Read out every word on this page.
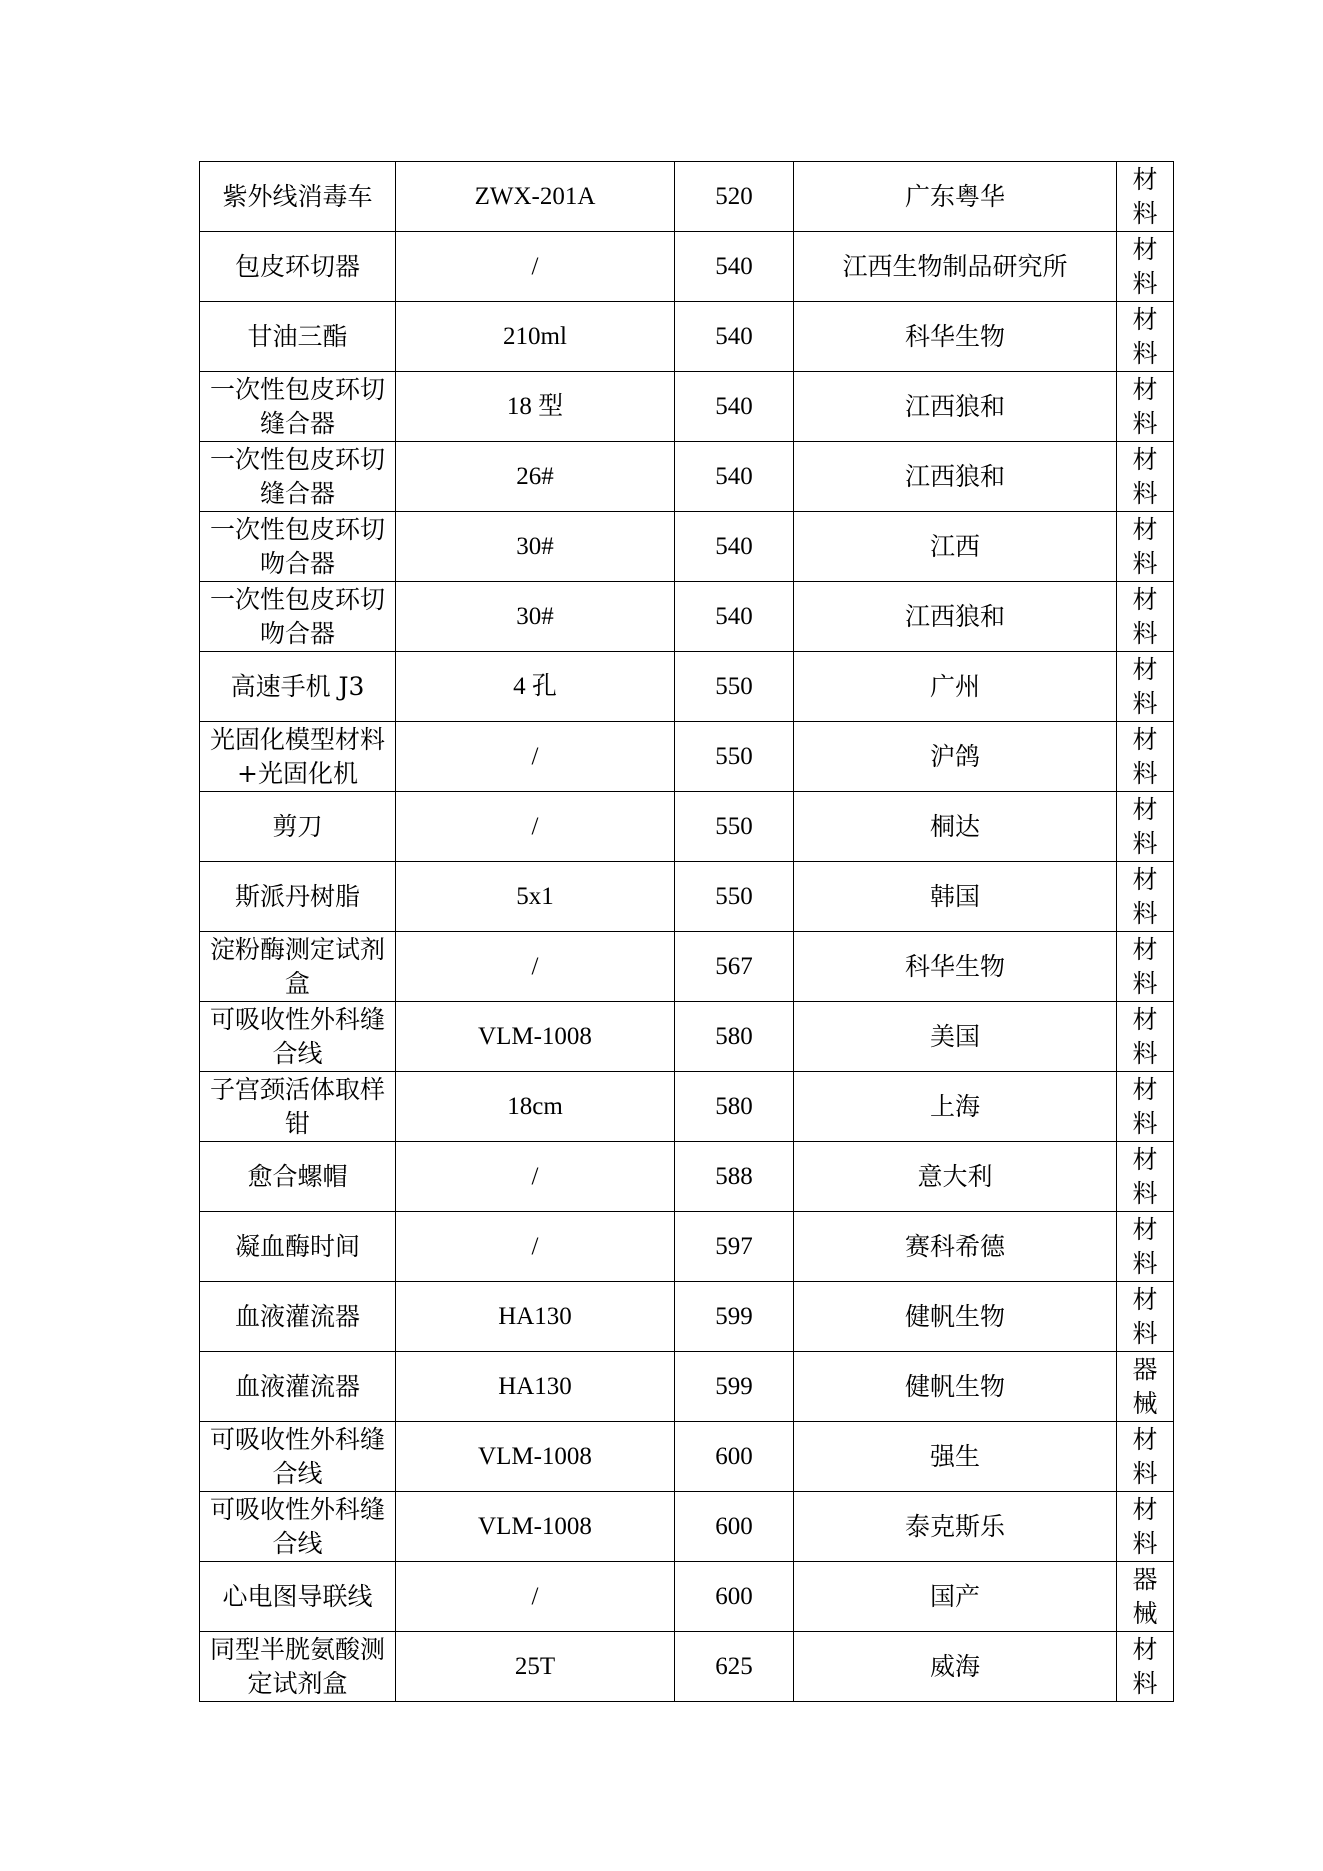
紫外线消毒车	ZWX-201A	520	广东粤华	材料

包皮环切器	/	540	江西生物制品研究所	材料

甘油三酯	210ml	540	科华生物	材料

一次性包皮环切缝合器	18 型	540	江西狼和	材料

一次性包皮环切缝合器	26#	540	江西狼和	材料

一次性包皮环切吻合器	30#	540	江西	材料

一次性包皮环切吻合器	30#	540	江西狼和	材料

高速手机 J3	4 孔	550	广州	材料

光固化模型材料+光固化机	/	550	沪鸽	材料

剪刀	/	550	桐达	材料

斯派丹树脂	5x1	550	韩国	材料

淀粉酶测定试剂盒	/	567	科华生物	材料

可吸收性外科缝合线	VLM-1008	580	美国	材料

子宫颈活体取样钳	18cm	580	上海	材料

愈合螺帽	/	588	意大利	材料

凝血酶时间	/	597	赛科希德	材料

血液灌流器	HA130	599	健帆生物	材料

血液灌流器	HA130	599	健帆生物	器械

可吸收性外科缝合线	VLM-1008	600	强生	材料

可吸收性外科缝合线	VLM-1008	600	泰克斯乐	材料

心电图导联线	/	600	国产	器械

同型半胱氨酸测定试剂盒	25T	625	威海	材料
